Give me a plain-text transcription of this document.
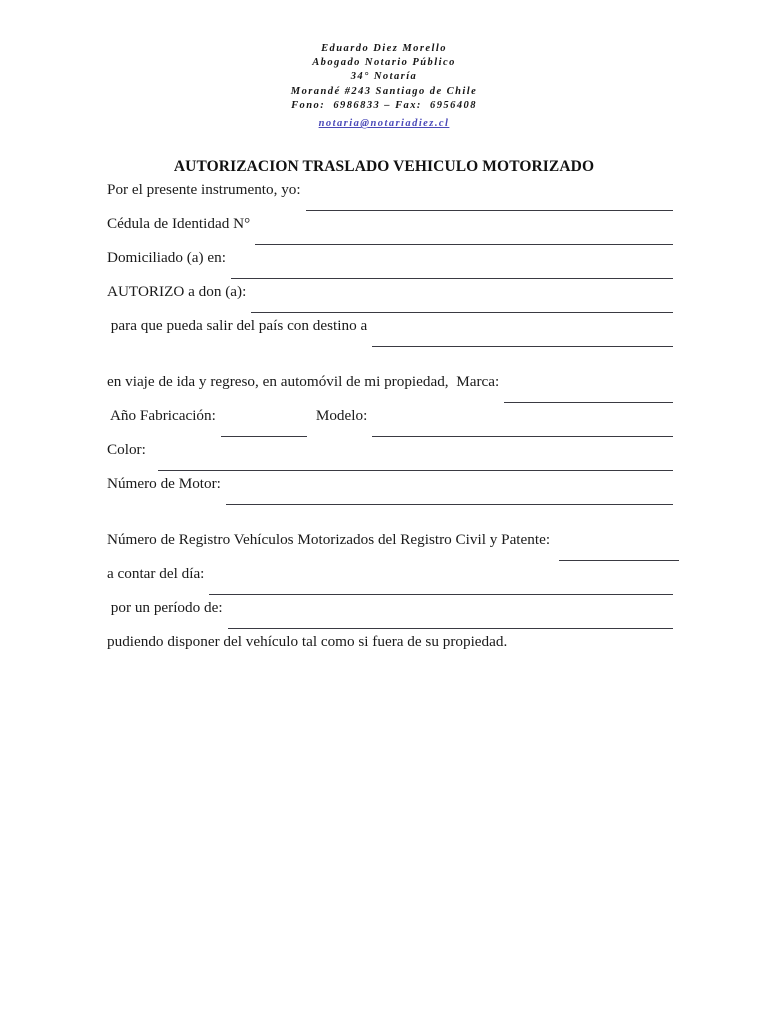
Eduardo Diez Morello
Abogado Notario Público
34° Notaría
Morandé #243 Santiago de Chile
Fono:  6986833 – Fax:  6956408
notaria@notariadiez.cl
AUTORIZACION TRASLADO VEHICULO MOTORIZADO
Por el presente instrumento, yo:
Cédula de Identidad N°
Domiciliado (a) en:
AUTORIZO a don (a):
para que pueda salir del país con destino a
en viaje de ida y regreso, en automóvil de mi propiedad,  Marca:
Año Fabricación:	Modelo:
Color:
Número de Motor:
Número de Registro Vehículos Motorizados del Registro Civil y Patente:
a contar del día:
por un período de:
pudiendo disponer del vehículo tal como si fuera de su propiedad.
